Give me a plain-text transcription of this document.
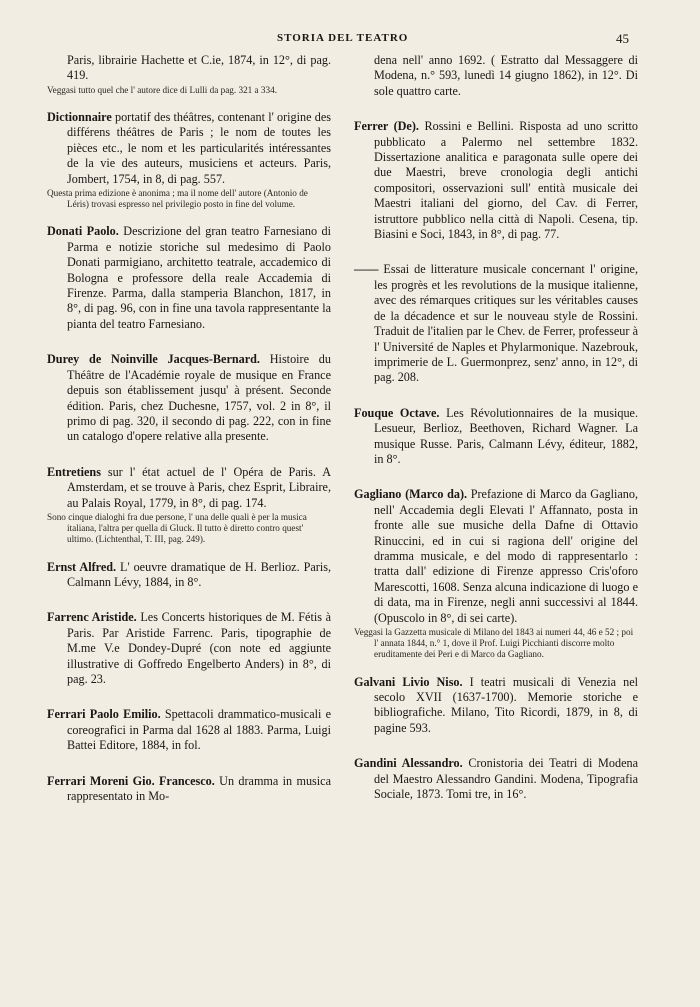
STORIA DEL TEATRO	45

Paris, librairie Hachette et C.ie, 1874, in 12°, di pag. 419.

Veggasi tutto quel che l' autore dice di Lulli da pag. 321 a 334.

Dictionnaire portatif des théâtres, contenant l' origine des différens théâtres de Paris ; le nom de toutes les pièces etc., le nom et les particularités intéressantes de la vie des auteurs, musiciens et acteurs. Paris, Jombert, 1754, in 8, di pag. 557.

Questa prima edizione è anonima ; ma il nome dell' autore (Antonio de Léris) trovasi espresso nel privilegio posto in fine del volume.

Donati Paolo. Descrizione del gran teatro Farnesiano di Parma e notizie storiche sul medesimo di Paolo Donati parmigiano, architetto teatrale, accademico di Bologna e professore della reale Accademia di Firenze. Parma, dalla stamperia Blanchon, 1817, in 8°, di pag. 96, con in fine una tavola rappresentante la pianta del teatro Farnesiano.

Durey de Noinville Jacques-Bernard. Histoire du Théâtre de l'Académie royale de musique en France depuis son établissement jusqu' à présent. Seconde édition. Paris, chez Duchesne, 1757, vol. 2 in 8°, il primo di pag. 320, il secondo di pag. 222, con in fine un catalogo d'opere relative alla presente.

Entretiens sur l' état actuel de l' Opéra de Paris. A Amsterdam, et se trouve à Paris, chez Esprit, Libraire, au Palais Royal, 1779, in 8°, di pag. 174.

Sono cinque dialoghi fra due persone, l' una delle quali è per la musica italiana, l'altra per quella di Gluck. Il tutto è diretto contro quest' ultimo. (Lichtenthal, T. III, pag. 249).

Ernst Alfred. L' oeuvre dramatique de H. Berlioz. Paris, Calmann Lévy, 1884, in 8°.

Farrenc Aristide. Les Concerts historiques de M. Fétis à Paris. Par Aristide Farrenc. Paris, tipographie de M.me V.e Dondey-Dupré (con note ed aggiunte illustrative di Goffredo Engelberto Anders) in 8°, di pag. 23.

Ferrari Paolo Emilio. Spettacoli drammatico-musicali e coreografici in Parma dal 1628 al 1883. Parma, Luigi Battei Editore, 1884, in fol.

Ferrari Moreni Gio. Francesco. Un dramma in musica rappresentato in Mo-

dena nell' anno 1692. ( Estratto dal Messaggere di Modena, n.° 593, lunedì 14 giugno 1862), in 12°. Di sole quattro carte.

Ferrer (De). Rossini e Bellini. Risposta ad uno scritto pubblicato a Palermo nel settembre 1832. Dissertazione analitica e paragonata sulle opere dei due Maestri, breve cronologia degli antichi compositori, osservazioni sull' entità musicale dei Maestri italiani del giorno, del Cav. di Ferrer, istruttore pubblico nella città di Napoli. Cesena, tip. Biasini e Soci, 1843, in 8°, di pag. 77.

—— Essai de litterature musicale concernant l' origine, les progrès et les revolutions de la musique italienne, avec des rémarques critiques sur les véritables causes de la décadence et sur le nouveau style de Rossini. Traduit de l'italien par le Chev. de Ferrer, professeur à l' Université de Naples et Phylarmonique. Nazebrouk, imprimerie de L. Guermonprez, senz' anno, in 12°, di pag. 208.

Fouque Octave. Les Révolutionnaires de la musique. Lesueur, Berlioz, Beethoven, Richard Wagner. La musique Russe. Paris, Calmann Lévy, éditeur, 1882, in 8°.

Gagliano (Marco da). Prefazione di Marco da Gagliano, nell' Accademia degli Elevati l' Affannato, posta in fronte alle sue musiche della Dafne di Ottavio Rinuccini, ed in cui si ragiona dell' origine del dramma musicale, e del modo di rappresentarlo : tratta dall' edizione di Firenze appresso Cris'oforo Marescotti, 1608. Senza alcuna indicazione di luogo e di data, ma in Firenze, negli anni successivi al 1844. (Opuscolo in 8°, di sei carte).

Veggasi la Gazzetta musicale di Milano del 1843 ai numeri 44, 46 e 52 ; poi l' annata 1844, n.° 1, dove il Prof. Luigi Picchianti discorre molto eruditamente dei Peri e di Marco da Gagliano.

Galvani Livio Niso. I teatri musicali di Venezia nel secolo XVII (1637-1700). Memorie storiche e bibliografiche. Milano, Tito Ricordi, 1879, in 8, di pagine 593.

Gandini Alessandro. Cronistoria dei Teatri di Modena del Maestro Alessandro Gandini. Modena, Tipografia Sociale, 1873. Tomi tre, in 16°.
